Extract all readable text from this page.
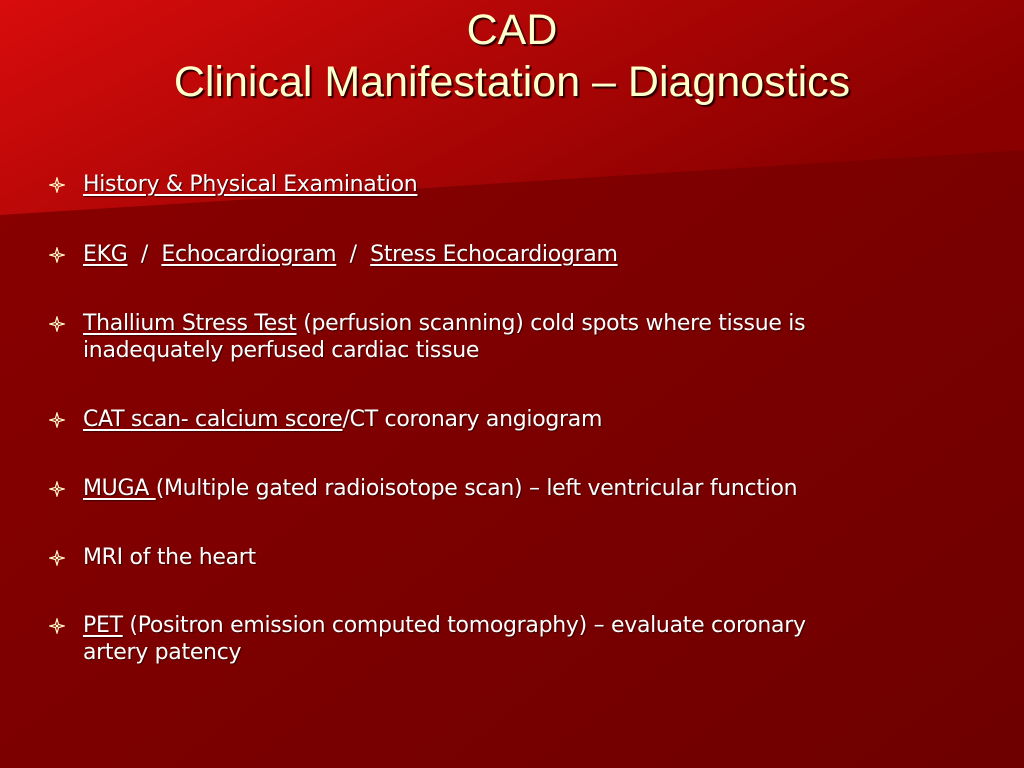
CAD
Clinical Manifestation – Diagnostics
History & Physical Examination
EKG  /  Echocardiogram  /  Stress Echocardiogram
Thallium Stress Test (perfusion scanning) cold spots where tissue is
inadequately perfused cardiac tissue
CAT scan- calcium score/CT coronary angiogram
MUGA (Multiple gated radioisotope scan) – left ventricular function
MRI of the heart
PET (Positron emission computed tomography) – evaluate coronary
artery patency
